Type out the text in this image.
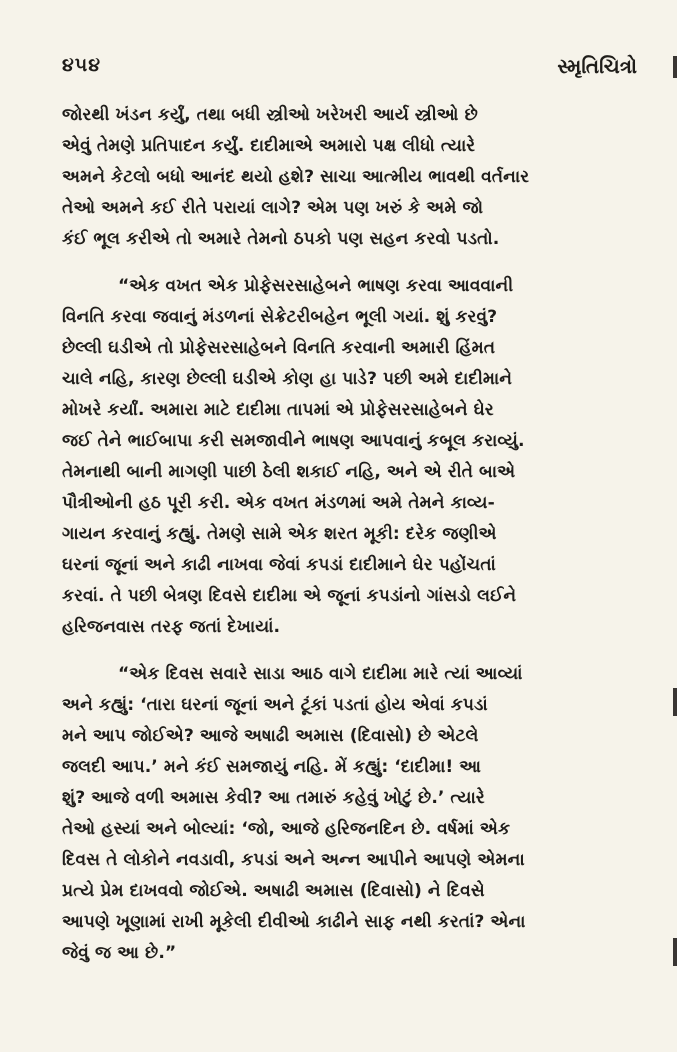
૪૫૪	સ્મૃતિચિત્રો

જોરથી ખંડન કર્યું, તથા બધી સ્ત્રીઓ ખરેખરી આર્ય સ્ત્રીઓ છે
એવું તેમણે પ્રતિપાદન કર્યું. દાદીમાએ અમારો પક્ષ લીધો ત્યારે
અમને કેટલો બધો આનંદ થયો હશે? સાચા આત્મીય ભાવથી વર્તનાર
તેઓ અમને કઈ રીતે પરાયાં લાગે? એમ પણ ખરું કે અમે જો
કંઈ ભૂલ કરીએ તો અમારે તેમનો ઠપકો પણ સહન કરવો પડતો.

“એક વખત એક પ્રોફેસરસાહેબને ભાષણ કરવા આવવાની
વિનતિ કરવા જવાનું મંડળનાં સેક્રેટરીબહેન ભૂલી ગયાં. શું કરવું?
છેલ્લી ઘડીએ તો પ્રોફેસરસાહેબને વિનતિ કરવાની અમારી હિંમત
ચાલે નહિ, કારણ છેલ્લી ઘડીએ કોણ હા પાડે? પછી અમે દાદીમાને
મોખરે કર્યાં. અમારા માટે દાદીમા તાપમાં એ પ્રોફેસરસાહેબને ઘેર
જઈ તેને ભાઈબાપા કરી સમજાવીને ભાષણ આપવાનું કબૂલ કરાવ્યું.
તેમનાથી બાની માગણી પાછી ઠેલી શકાઈ નહિ, અને એ રીતે બાએ
પૌત્રીઓની હઠ પૂરી કરી. એક વખત મંડળમાં અમે તેમને કાવ્ય-
ગાયન કરવાનું કહ્યું. તેમણે સામે એક શરત મૂકી: દરેક જણીએ
ઘરનાં જૂનાં અને કાઢી નાખવા જેવાં કપડાં દાદીમાને ઘેર પહોંચતાં
કરવાં. તે પછી બેત્રણ દિવસે દાદીમા એ જૂનાં કપડાંનો ગાંસડો લઈને
હરિજનવાસ તરફ જતાં દેખાયાં.

“એક દિવસ સવારે સાડા આઠ વાગે દાદીમા મારે ત્યાં આવ્યાં
અને કહ્યું: ‘તારા ઘરનાં જૂનાં અને ટૂંકાં પડતાં હોય એવાં કપડાં
મને આપ જોઈએ? આજે અષાઢી અમાસ (દિવાસો) છે એટલે
જલદી આપ.’ મને કંઈ સમજાયું નહિ. મેં કહ્યું: ‘દાદીમા! આ
શું? આજે વળી અમાસ કેવી? આ તમારું કહેવું ખોટું છે.’ ત્યારે
તેઓ હસ્યાં અને બોલ્યાં: ‘જો, આજે હરિજનદિન છે. વર્ષમાં એક
દિવસ તે લોકોને નવડાવી, કપડાં અને અન્ન આપીને આપણે એમના
પ્રત્યે પ્રેમ દાખવવો જોઈએ. અષાઢી અમાસ (દિવાસો) ને દિવસે
આપણે ખૂણામાં રાખી મૂકેલી દીવીઓ કાઢીને સાફ નથી કરતાં? એના
જેવું જ આ છે.”
